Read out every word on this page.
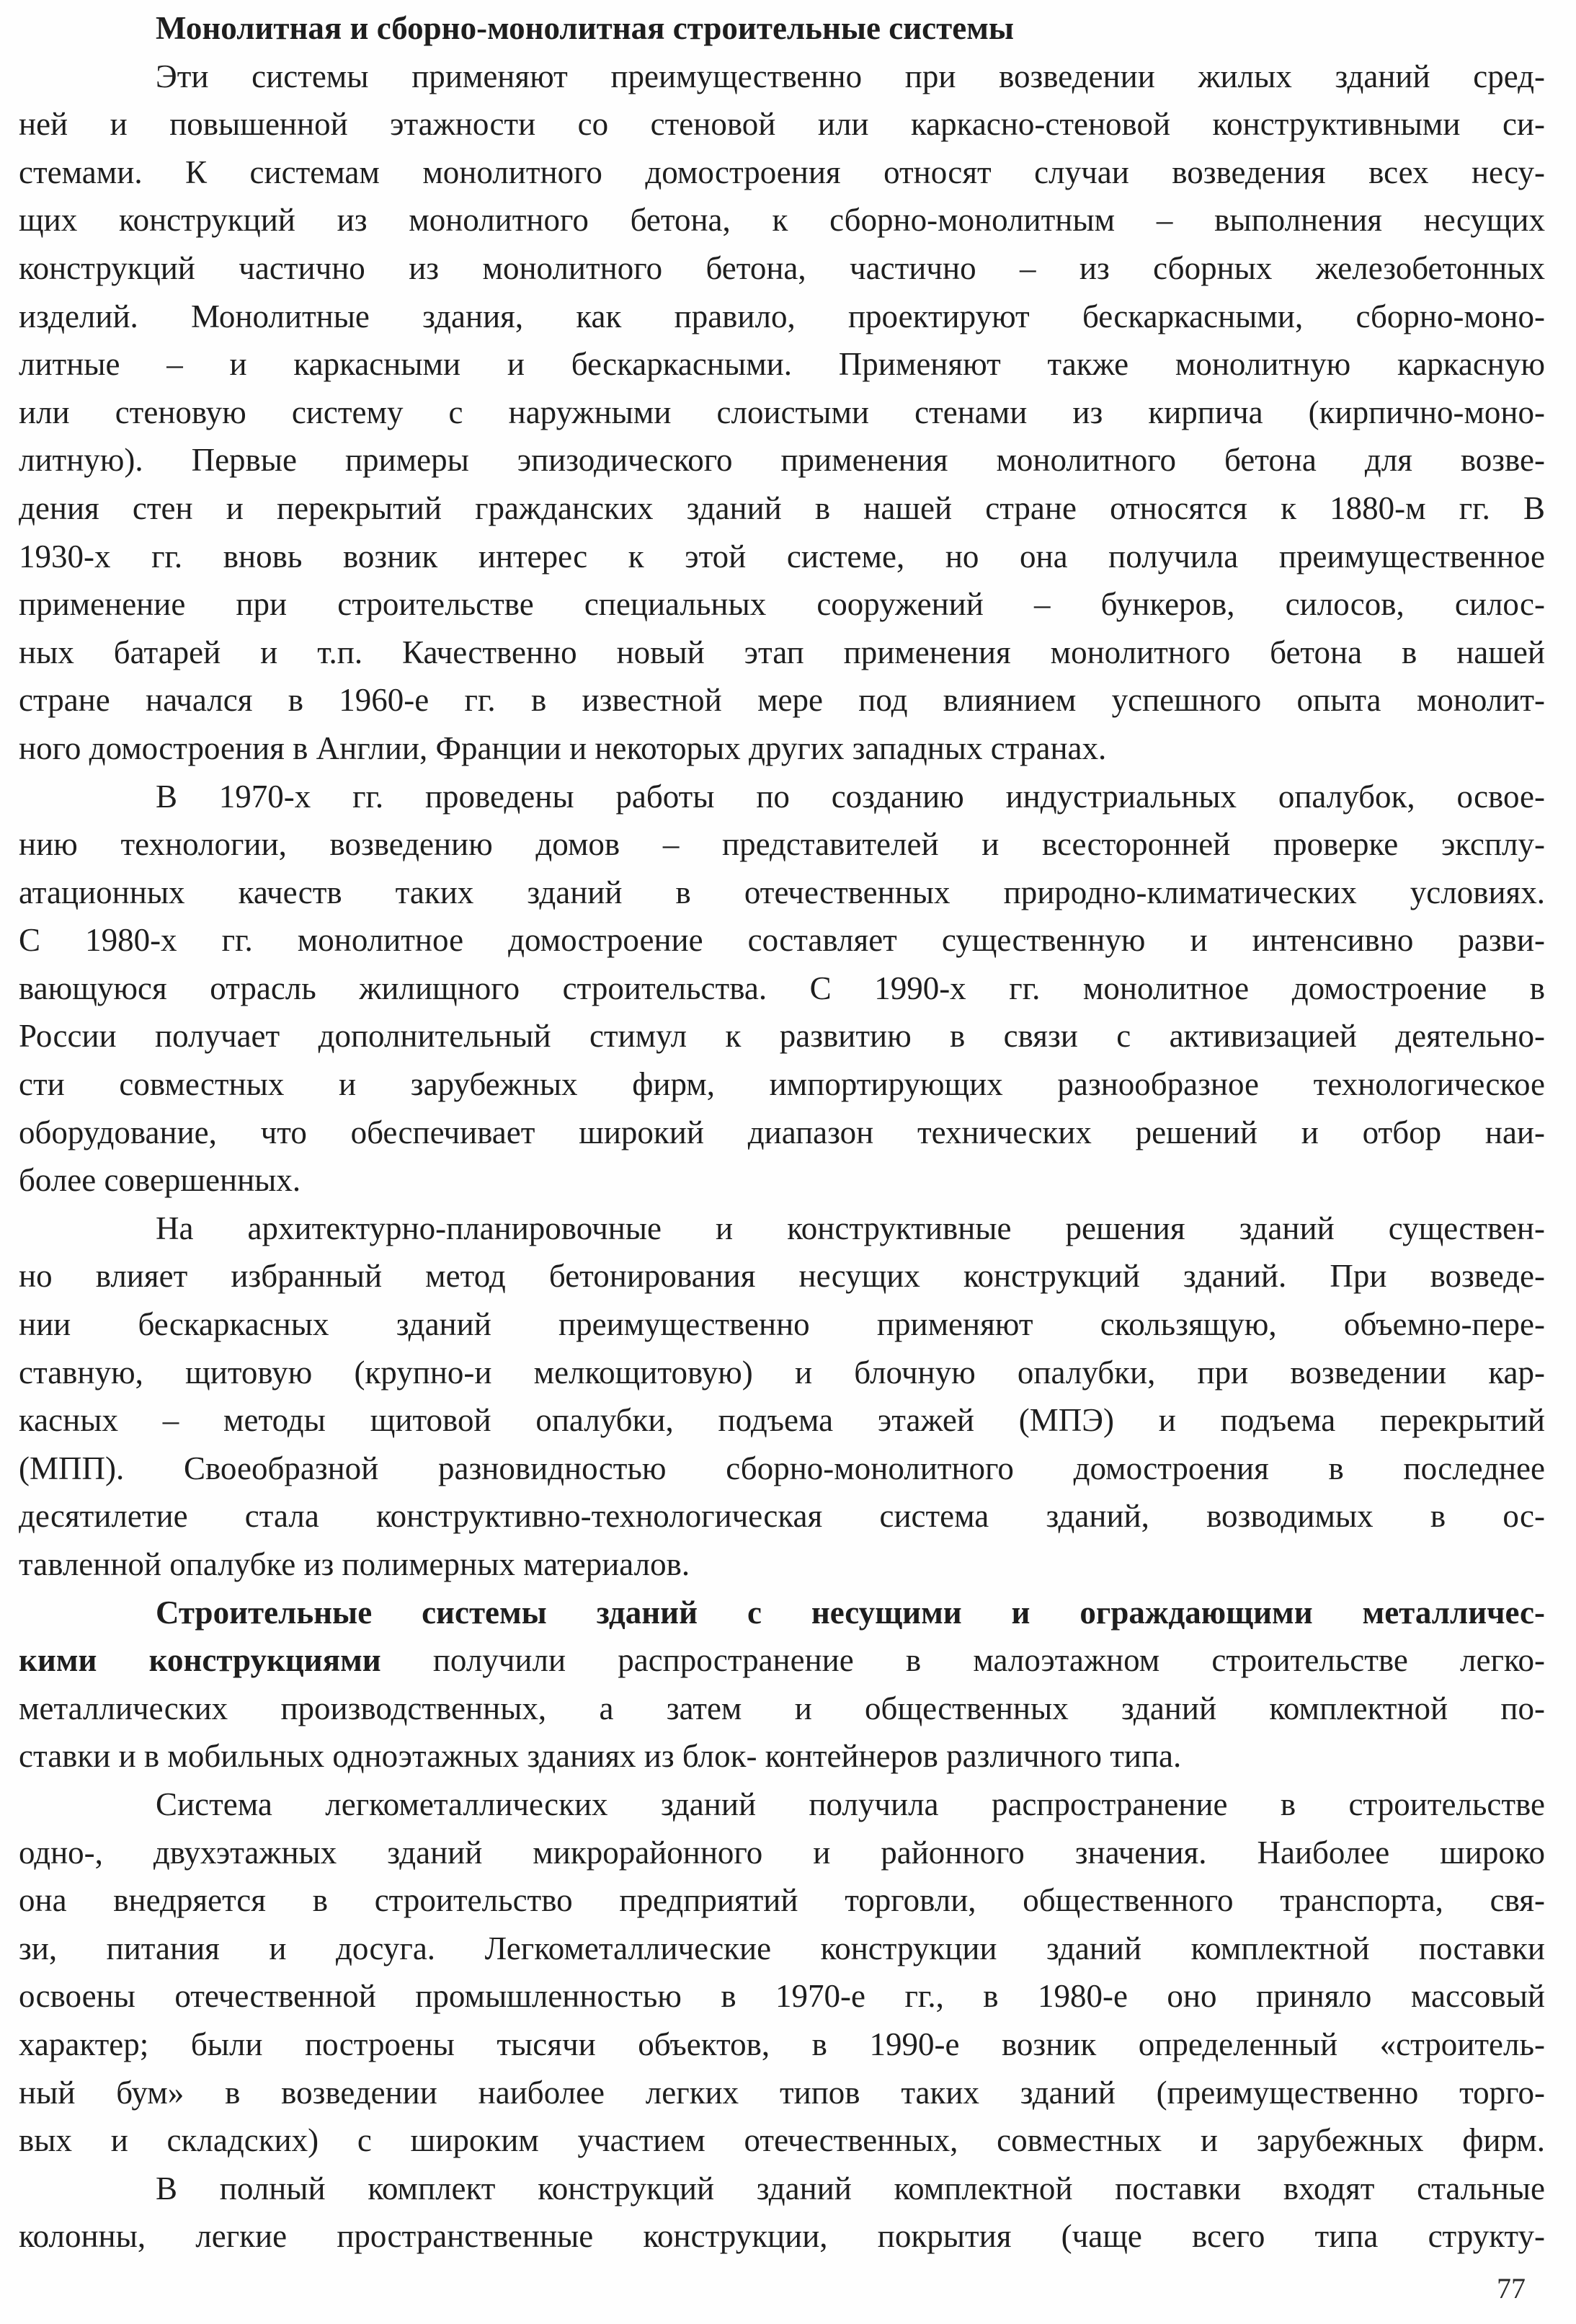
Монолитная и сборно-монолитная строительные системы
Эти системы применяют преимущественно при возведении жилых зданий сред-
ней и повышенной этажности со стеновой или каркасно-стеновой конструктивными си-
стемами. К системам монолитного домостроения относят случаи возведения всех несу-
щих конструкций из монолитного бетона, к сборно-монолитным – выполнения несущих
конструкций частично из монолитного бетона, частично – из сборных железобетонных
изделий. Монолитные здания, как правило, проектируют бескаркасными, сборно-моно-
литные – и каркасными и бескаркасными. Применяют также монолитную каркасную
или стеновую систему с наружными слоистыми стенами из кирпича (кирпично-моно-
литную). Первые примеры эпизодического применения монолитного бетона для возве-
дения стен и перекрытий гражданских зданий в нашей стране относятся к 1880-м гг. В
1930-х гг. вновь возник интерес к этой системе, но она получила преимущественное
применение при строительстве специальных сооружений – бункеров, силосов, силос-
ных батарей и т.п. Качественно новый этап применения монолитного бетона в нашей
стране начался в 1960-е гг. в известной мере под влиянием успешного опыта монолит-
ного домостроения в Англии, Франции и некоторых других западных странах.
В 1970-х гг. проведены работы по созданию индустриальных опалубок, освое-
нию технологии, возведению домов – представителей и всесторонней проверке эксплу-
атационных качеств таких зданий в отечественных природно-климатических условиях.
С 1980-х гг. монолитное домостроение составляет существенную и интенсивно разви-
вающуюся отрасль жилищного строительства. С 1990-х гг. монолитное домостроение в
России получает дополнительный стимул к развитию в связи с активизацией деятельно-
сти совместных и зарубежных фирм, импортирующих разнообразное технологическое
оборудование, что обеспечивает широкий диапазон технических решений и отбор наи-
более совершенных.
На архитектурно-планировочные и конструктивные решения зданий существен-
но влияет избранный метод бетонирования несущих конструкций зданий. При возведе-
нии бескаркасных зданий преимущественно применяют скользящую, объемно-пере-
ставную, щитовую (крупно-и мелкощитовую) и блочную опалубки, при возведении кар-
касных – методы щитовой опалубки, подъема этажей (МПЭ) и подъема перекрытий
(МПП). Своеобразной разновидностью сборно-монолитного домостроения в последнее
десятилетие стала конструктивно-технологическая система зданий, возводимых в ос-
тавленной опалубке из полимерных материалов.
Строительные системы зданий с несущими и ограждающими металличес-
кими конструкциями получили распространение в малоэтажном строительстве легко-
металлических производственных, а затем и общественных зданий комплектной по-
ставки и в мобильных одноэтажных зданиях из блок- контейнеров различного типа.
Система легкометаллических зданий получила распространение в строительстве
одно-, двухэтажных зданий микрорайонного и районного значения. Наиболее широко
она внедряется в строительство предприятий торговли, общественного транспорта, свя-
зи, питания и досуга. Легкометаллические конструкции зданий комплектной поставки
освоены отечественной промышленностью в 1970-е гг., в 1980-е оно приняло массовый
характер; были построены тысячи объектов, в 1990-е возник определенный «строитель-
ный бум» в возведении наиболее легких типов таких зданий (преимущественно торго-
вых и складских) с широким участием отечественных, совместных и зарубежных фирм.
В полный комплект конструкций зданий комплектной поставки входят стальные
колонны, легкие пространственные конструкции, покрытия (чаще всего типа структу-
77
